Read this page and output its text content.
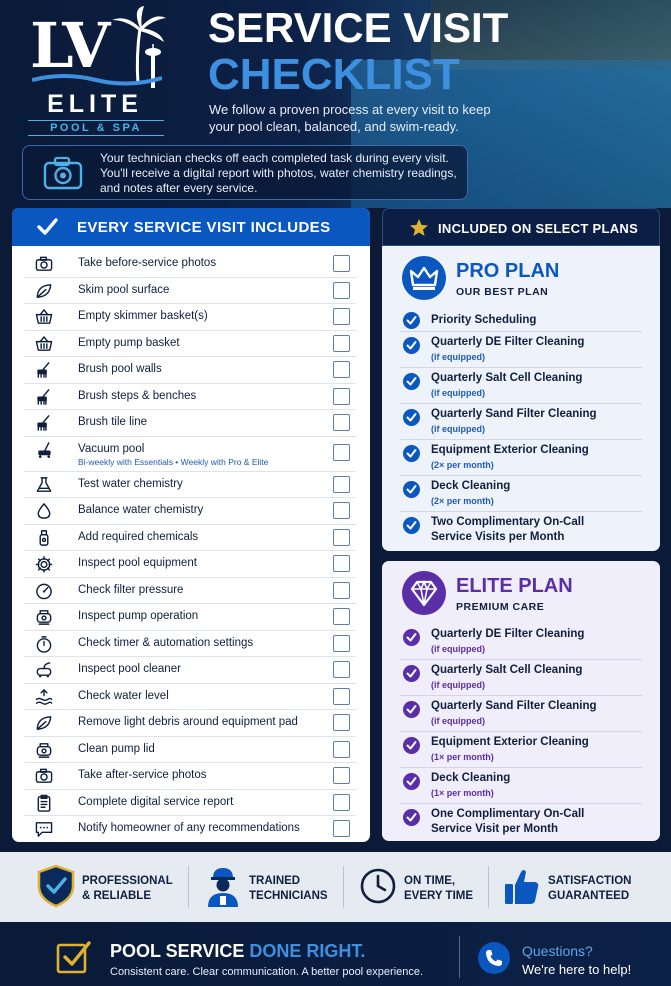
LV
ELITE
POOL & SPA
SERVICE VISIT
CHECKLIST
We follow a proven process at every visit to keep your pool clean, balanced, and swim-ready.
Your technician checks off each completed task during every visit. You'll receive a digital report with photos, water chemistry readings, and notes after every service.
EVERY SERVICE VISIT INCLUDES
Take before-service photos
Skim pool surface
Empty skimmer basket(s)
Empty pump basket
Brush pool walls
Brush steps & benches
Brush tile line
Vacuum pool
Bi-weekly with Essentials • Weekly with Pro & Elite
Test water chemistry
Balance water chemistry
Add required chemicals
Inspect pool equipment
Check filter pressure
Inspect pump operation
Check timer & automation settings
Inspect pool cleaner
Check water level
Remove light debris around equipment pad
Clean pump lid
Take after-service photos
Complete digital service report
Notify homeowner of any recommendations
INCLUDED ON SELECT PLANS
PRO PLAN
OUR BEST PLAN
Priority Scheduling
Quarterly DE Filter Cleaning
(if equipped)
Quarterly Salt Cell Cleaning
(if equipped)
Quarterly Sand Filter Cleaning
(if equipped)
Equipment Exterior Cleaning
(2× per month)
Deck Cleaning
(2× per month)
Two Complimentary On-Call
Service Visits per Month
ELITE PLAN
PREMIUM CARE
Quarterly DE Filter Cleaning
(if equipped)
Quarterly Salt Cell Cleaning
(if equipped)
Quarterly Sand Filter Cleaning
(if equipped)
Equipment Exterior Cleaning
(1× per month)
Deck Cleaning
(1× per month)
One Complimentary On-Call
Service Visit per Month
PROFESSIONAL
& RELIABLE
TRAINED
TECHNICIANS
ON TIME,
EVERY TIME
SATISFACTION
GUARANTEED
POOL SERVICE DONE RIGHT.
Consistent care. Clear communication. A better pool experience.
Questions?
We're here to help!
